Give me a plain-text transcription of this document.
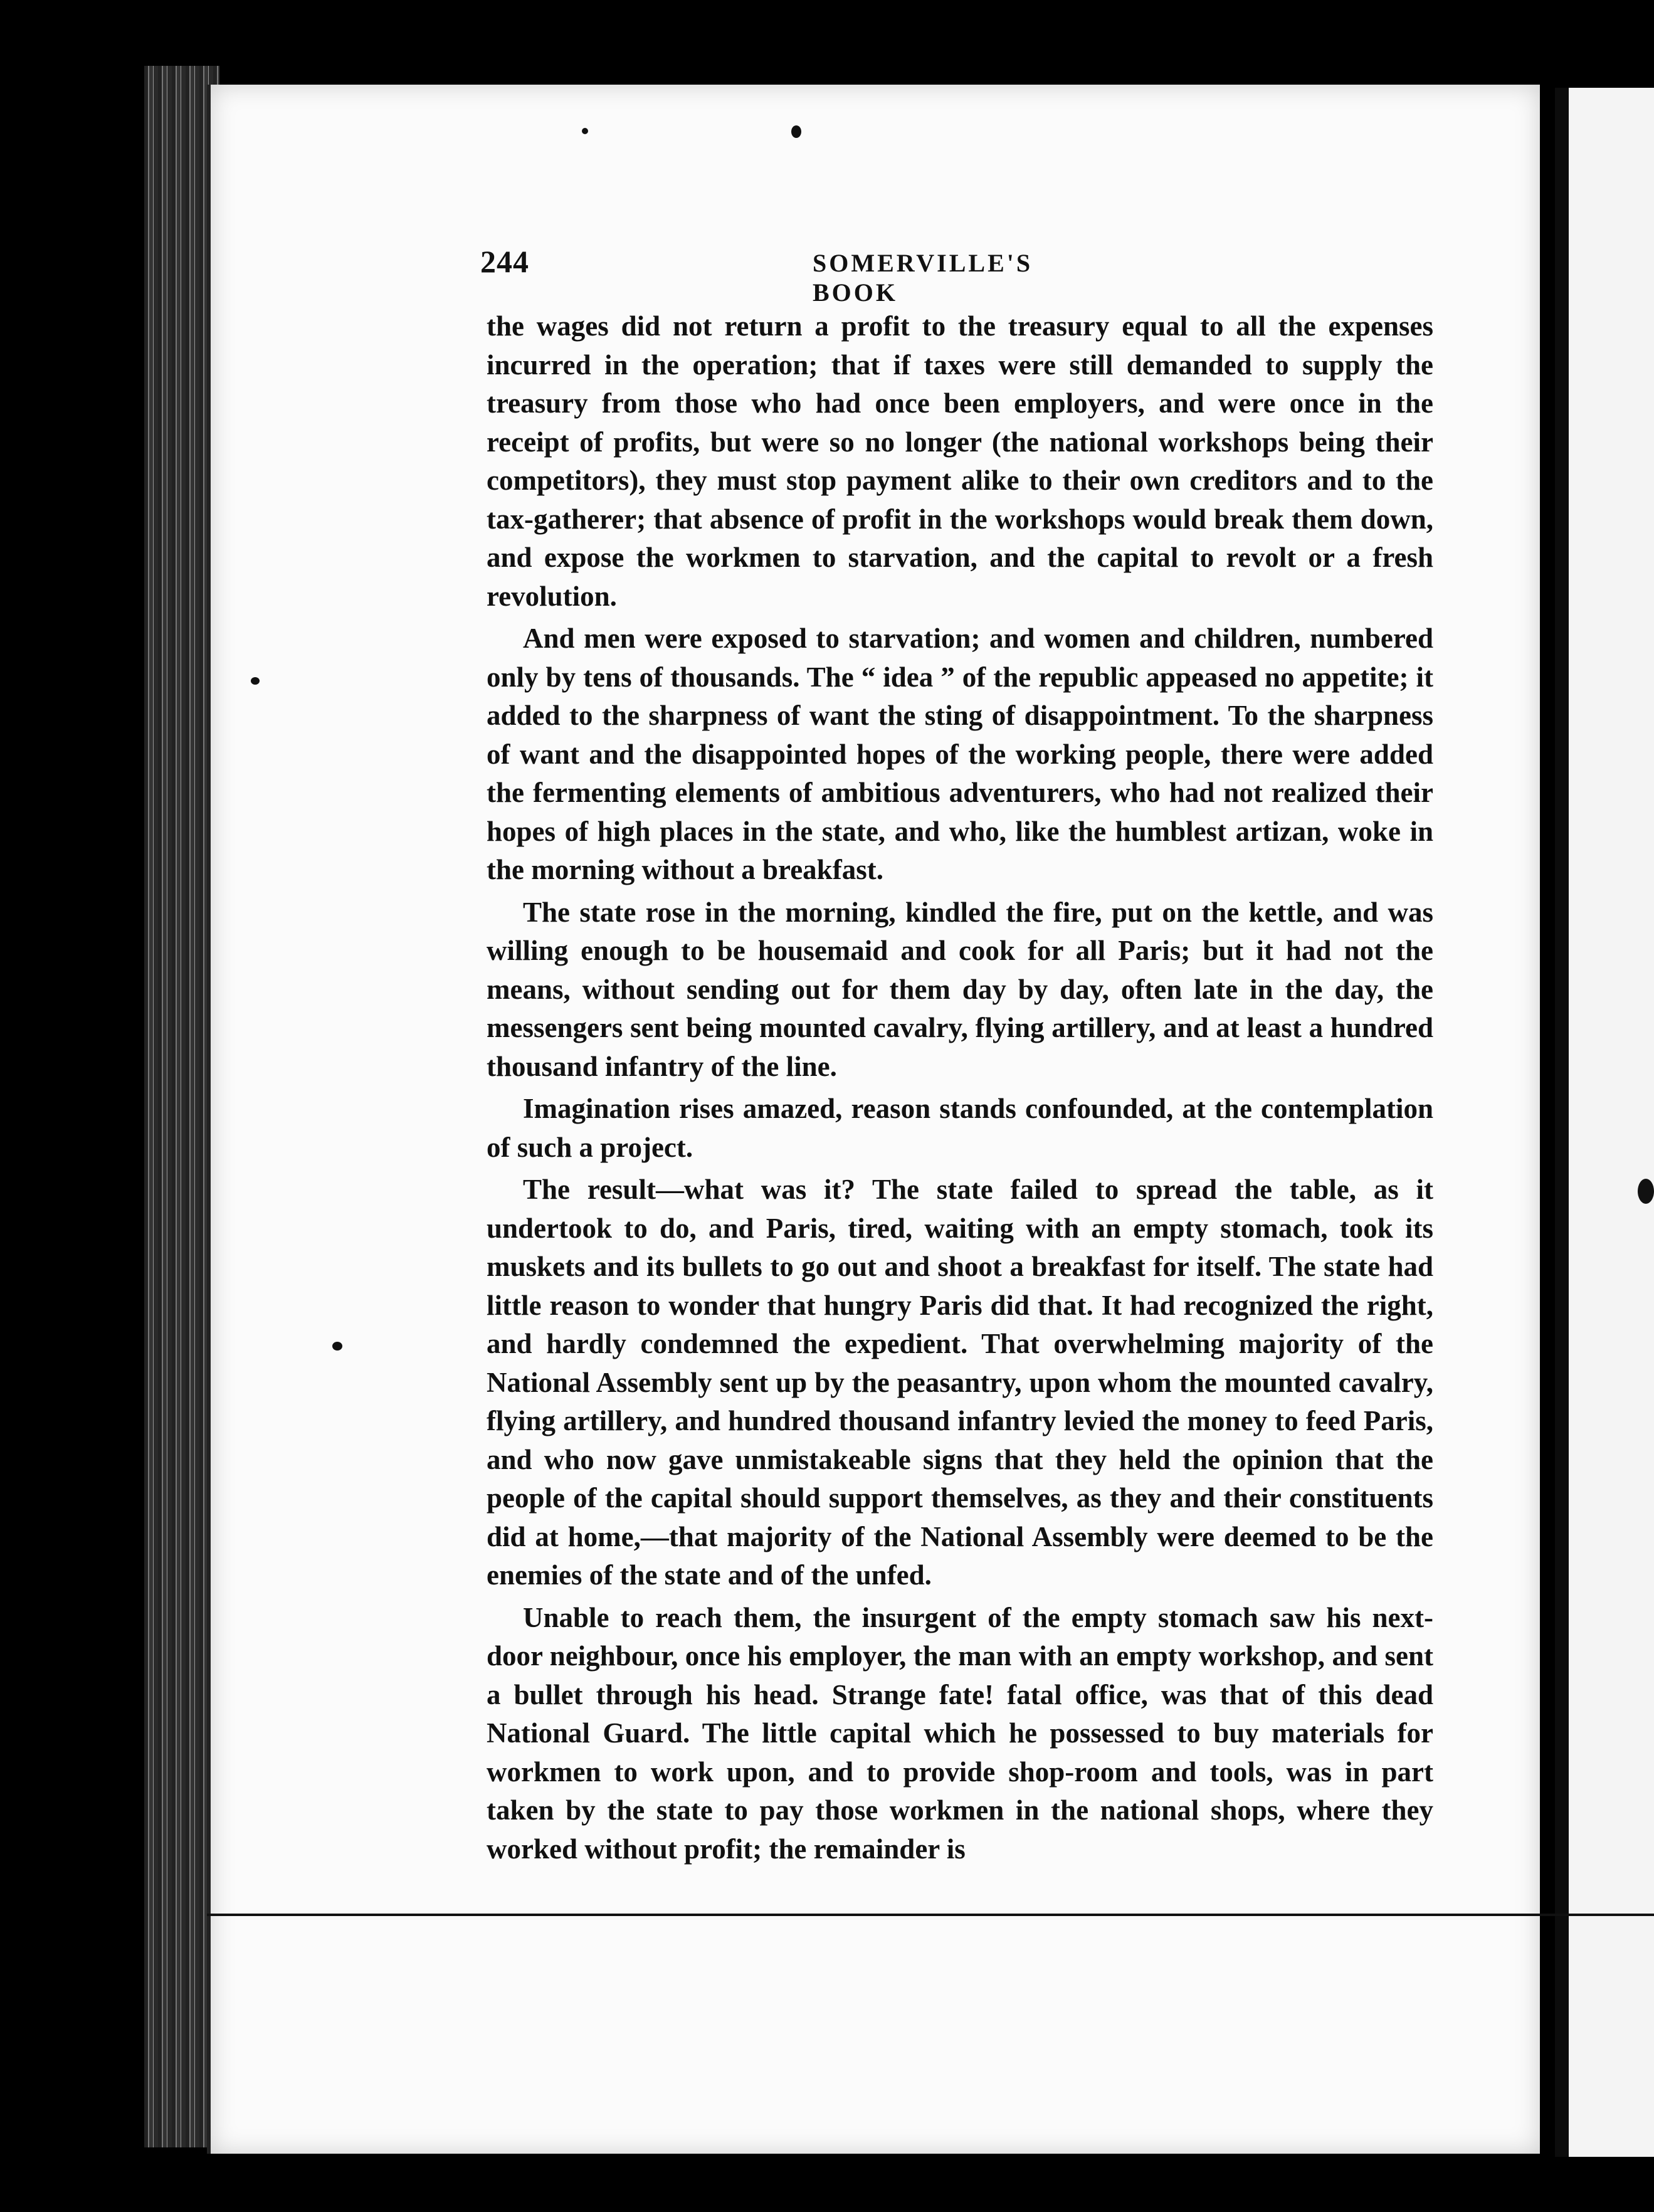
244	SOMERVILLE'S BOOK

the wages did not return a profit to the treasury equal to all the expenses incurred in the operation; that if taxes were still demanded to supply the treasury from those who had once been employers, and were once in the receipt of profits, but were so no longer (the national workshops being their competitors), they must stop payment alike to their own creditors and to the tax-gatherer; that absence of profit in the workshops would break them down, and expose the workmen to starvation, and the capital to revolt or a fresh revolution.

And men were exposed to starvation; and women and children, numbered only by tens of thousands. The “ idea ” of the republic appeased no appetite; it added to the sharpness of want the sting of disappointment. To the sharpness of want and the disappointed hopes of the working people, there were added the fermenting elements of ambitious adventurers, who had not realized their hopes of high places in the state, and who, like the humblest artizan, woke in the morning without a breakfast.

The state rose in the morning, kindled the fire, put on the kettle, and was willing enough to be housemaid and cook for all Paris; but it had not the means, without sending out for them day by day, often late in the day, the messengers sent being mounted cavalry, flying artillery, and at least a hundred thousand infantry of the line.

Imagination rises amazed, reason stands confounded, at the contemplation of such a project.

The result—what was it? The state failed to spread the table, as it undertook to do, and Paris, tired, waiting with an empty stomach, took its muskets and its bullets to go out and shoot a breakfast for itself. The state had little reason to wonder that hungry Paris did that. It had recognized the right, and hardly condemned the expedient. That overwhelming majority of the National Assembly sent up by the peasantry, upon whom the mounted cavalry, flying artillery, and hundred thousand infantry levied the money to feed Paris, and who now gave unmistakeable signs that they held the opinion that the people of the capital should support themselves, as they and their constituents did at home,—that majority of the National Assembly were deemed to be the enemies of the state and of the unfed.

Unable to reach them, the insurgent of the empty stomach saw his next-door neighbour, once his employer, the man with an empty workshop, and sent a bullet through his head. Strange fate! fatal office, was that of this dead National Guard. The little capital which he possessed to buy materials for workmen to work upon, and to provide shop-room and tools, was in part taken by the state to pay those workmen in the national shops, where they worked without profit; the remainder is
